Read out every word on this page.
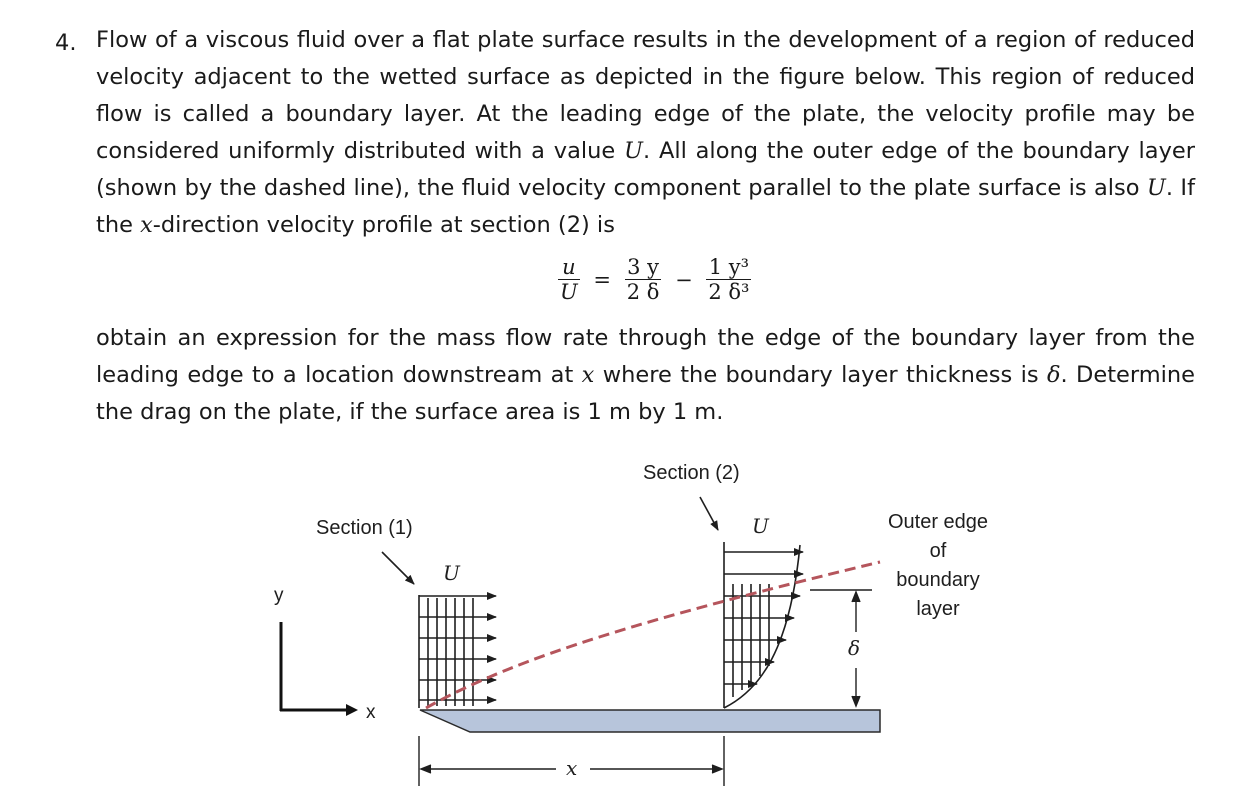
4. Flow of a viscous fluid over a flat plate surface results in the development of a region of reduced
velocity adjacent to the wetted surface as depicted in the figure below. This region of reduced
flow is called a boundary layer. At the leading edge of the plate, the velocity profile may be
considered uniformly distributed with a value U. All along the outer edge of the boundary layer
(shown by the dashed line), the fluid velocity component parallel to the plate surface is also U. If
the x-direction velocity profile at section (2) is
obtain an expression for the mass flow rate through the edge of the boundary layer from the
leading edge to a location downstream at x where the boundary layer thickness is δ. Determine
the drag on the plate, if the surface area is 1 m by 1 m.
$\frac{u}{U} = \frac{3 y}{2 \delta} - \frac{\text{1 y³}}{\text{2 δ³}}$
Section (2)
Section (1)
U
U
y
x
x
δ
Outer edge
of
boundary
layer
